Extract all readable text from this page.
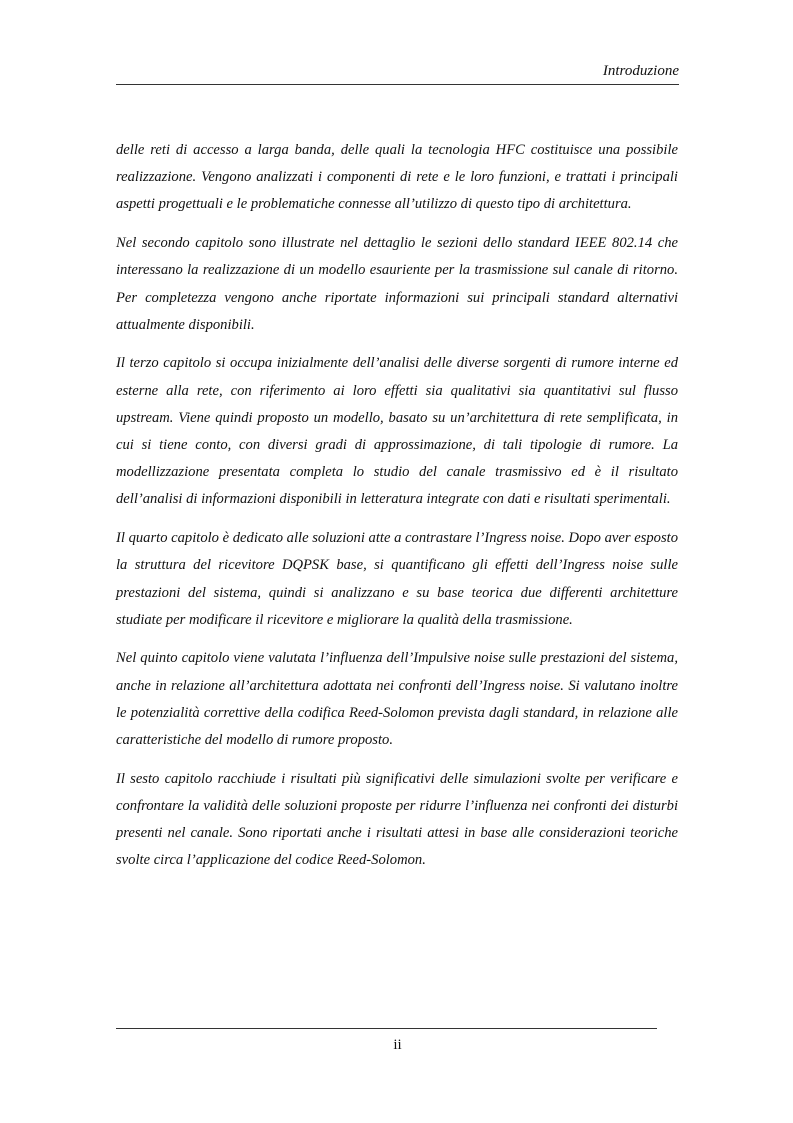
Introduzione

delle reti di accesso a larga banda, delle quali la tecnologia HFC costituisce una possibile realizzazione. Vengono analizzati i componenti di rete e le loro funzioni, e trattati i principali aspetti progettuali e le problematiche connesse all’utilizzo di questo tipo di architettura.

Nel secondo capitolo sono illustrate nel dettaglio le sezioni dello standard IEEE 802.14 che interessano la realizzazione di un modello esauriente per la trasmissione sul canale di ritorno. Per completezza vengono anche riportate informazioni sui principali standard alternativi attualmente disponibili.

Il terzo capitolo si occupa inizialmente dell’analisi delle diverse sorgenti di rumore interne ed esterne alla rete, con riferimento ai loro effetti sia qualitativi sia quantitativi sul flusso upstream. Viene quindi proposto un modello, basato su un’architettura di rete semplificata, in cui si tiene conto, con diversi gradi di approssimazione, di tali tipologie di rumore. La modellizzazione presentata completa lo studio del canale trasmissivo ed è il risultato dell’analisi di informazioni disponibili in letteratura integrate con dati e risultati sperimentali.

Il quarto capitolo è dedicato alle soluzioni atte a contrastare l’Ingress noise. Dopo aver esposto la struttura del ricevitore DQPSK base, si quantificano gli effetti dell’Ingress noise sulle prestazioni del sistema, quindi si analizzano e su base teorica due differenti architetture studiate per modificare il ricevitore e migliorare la qualità della trasmissione.

Nel quinto capitolo viene valutata l’influenza dell’Impulsive noise sulle prestazioni del sistema, anche in relazione all’architettura adottata nei confronti dell’Ingress noise. Si valutano inoltre le potenzialità correttive della codifica Reed-Solomon prevista dagli standard, in relazione alle caratteristiche del modello di rumore proposto.

Il sesto capitolo racchiude i risultati più significativi delle simulazioni svolte per verificare e confrontare la validità delle soluzioni proposte per ridurre l’influenza nei confronti dei disturbi presenti nel canale. Sono riportati anche i risultati attesi in base alle considerazioni teoriche svolte circa l’applicazione del codice Reed-Solomon.

ii
